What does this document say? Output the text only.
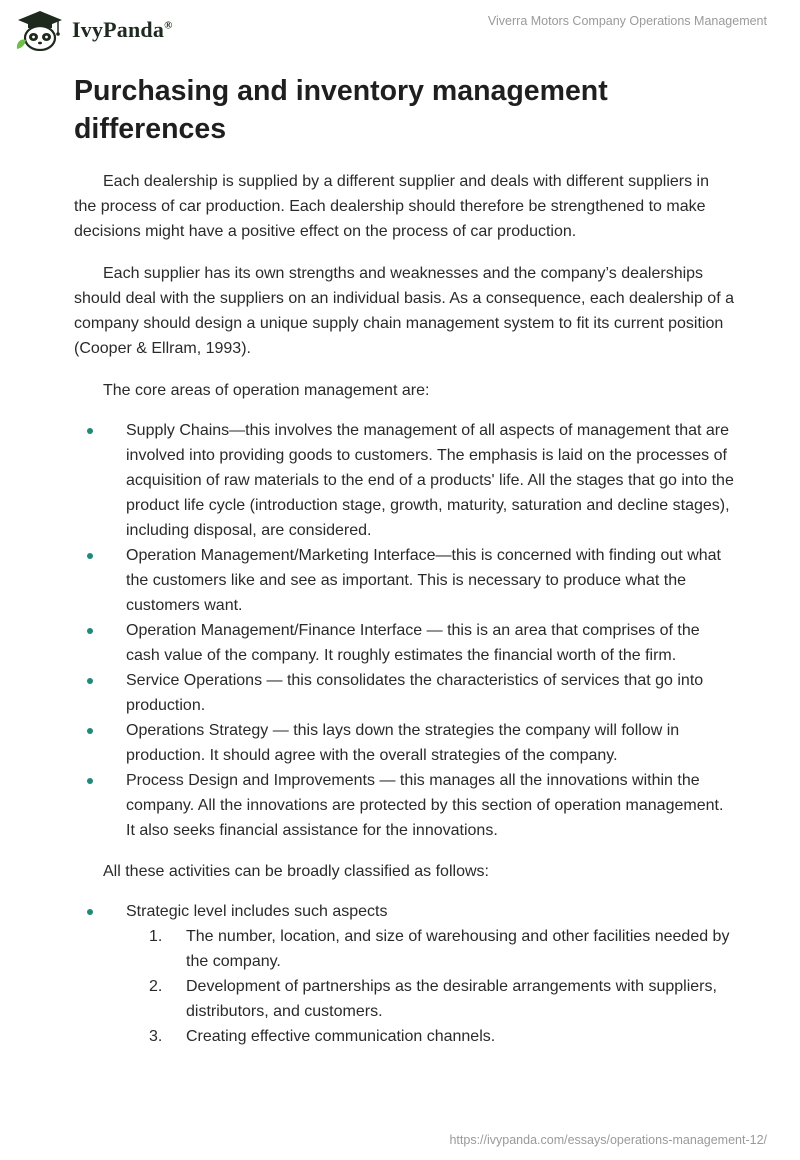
IvyPanda®	Viverra Motors Company Operations Management
Purchasing and inventory management differences

Each dealership is supplied by a different supplier and deals with different suppliers in the process of car production. Each dealership should therefore be strengthened to make decisions might have a positive effect on the process of car production.

Each supplier has its own strengths and weaknesses and the company’s dealerships should deal with the suppliers on an individual basis. As a consequence, each dealership of a company should design a unique supply chain management system to fit its current position (Cooper & Ellram, 1993).

The core areas of operation management are:

Supply Chains—this involves the management of all aspects of management that are involved into providing goods to customers. The emphasis is laid on the processes of acquisition of raw materials to the end of a products' life. All the stages that go into the product life cycle (introduction stage, growth, maturity, saturation and decline stages), including disposal, are considered.
Operation Management/Marketing Interface—this is concerned with finding out what the customers like and see as important. This is necessary to produce what the customers want.
Operation Management/Finance Interface — this is an area that comprises of the cash value of the company. It roughly estimates the financial worth of the firm.
Service Operations — this consolidates the characteristics of services that go into production.
Operations Strategy — this lays down the strategies the company will follow in production. It should agree with the overall strategies of the company.
Process Design and Improvements — this manages all the innovations within the company. All the innovations are protected by this section of operation management. It also seeks financial assistance for the innovations.

All these activities can be broadly classified as follows:

Strategic level includes such aspects
1. The number, location, and size of warehousing and other facilities needed by the company.
2. Development of partnerships as the desirable arrangements with suppliers, distributors, and customers.
3. Creating effective communication channels.
https://ivypanda.com/essays/operations-management-12/
